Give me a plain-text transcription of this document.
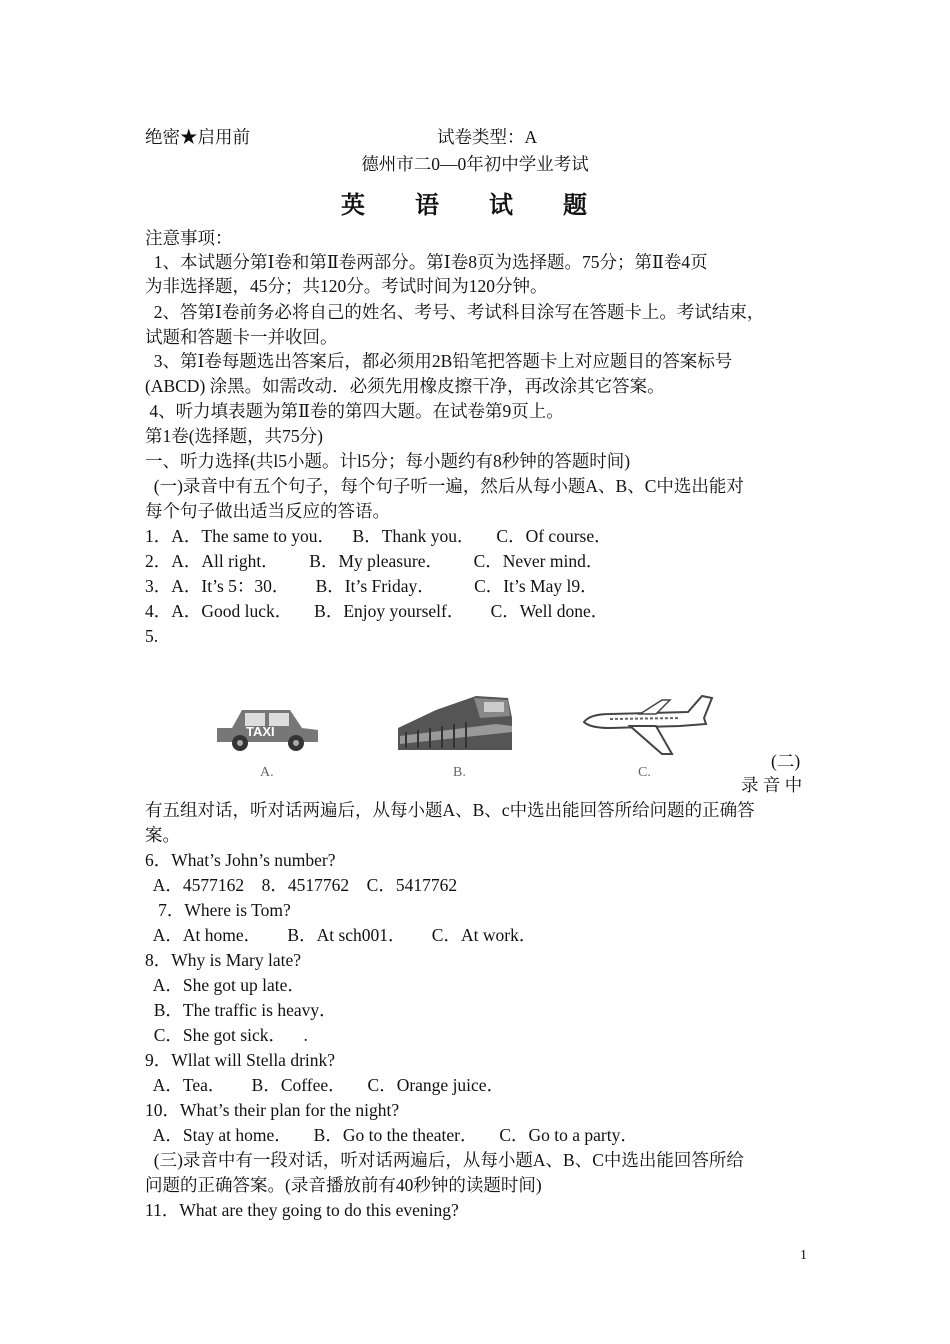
绝密★启用前	试卷类型：A
德州市二0—0年初中学业考试
英 语 试 题
注意事项：
1、本试题分第Ⅰ卷和第Ⅱ卷两部分。第Ⅰ卷8页为选择题。75分；第Ⅱ卷4页
为非选择题，45分；共120分。考试时间为120分钟。
2、答第Ⅰ卷前务必将自己的姓名、考号、考试科目涂写在答题卡上。考试结束，
试题和答题卡一并收回。
3、第Ⅰ卷每题选出答案后，都必须用2B铅笔把答题卡上对应题目的答案标号
(ABCD) 涂黑。如需改动．必须先用橡皮擦干净，再改涂其它答案。
4、听力填表题为第Ⅱ卷的第四大题。在试卷第9页上。
第1卷(选择题，共75分)
一、听力选择(共l5小题。计l5分；每小题约有8秒钟的答题时间)
(一)录音中有五个句子，每个句子听一遍，然后从每小题A、B、C中选出能对
每个句子做出适当反应的答语。
1．A．The same to you．    B．Thank you．     C．Of course．
2．A．All right．       B．My pleasure．       C．Never mind．
3．A．It’s 5：30．      B．It’s Friday．         C．It’s May l9．
4．A．Good luck．     B．Enjoy yourself．      C．Well done．
5.
TAXI
A.	B.	C.
(二)
录 音 中
有五组对话，听对话两遍后，从每小题A、B、c中选出能回答所给问题的正确答
案。
6．What’s John’s number?
A．4577162    8．4517762    C．5417762
7．Where is Tom?
A．At home．      B．At sch001．      C．At work．
8．Why is Mary late?
A．She got up late．
B．The traffic is heavy．
C．She got sick．    .
9．Wllat will Stella drink?
A．Tea．      B．Coffee．     C．Orange juice．
10．What’s their plan for the night?
A．Stay at home．     B．Go to the theater．     C．Go to a party．
(三)录音中有一段对话，听对话两遍后，从每小题A、B、C中选出能回答所给
问题的正确答案。(录音播放前有40秒钟的读题时间)
11．What are they going to do this evening?
1
